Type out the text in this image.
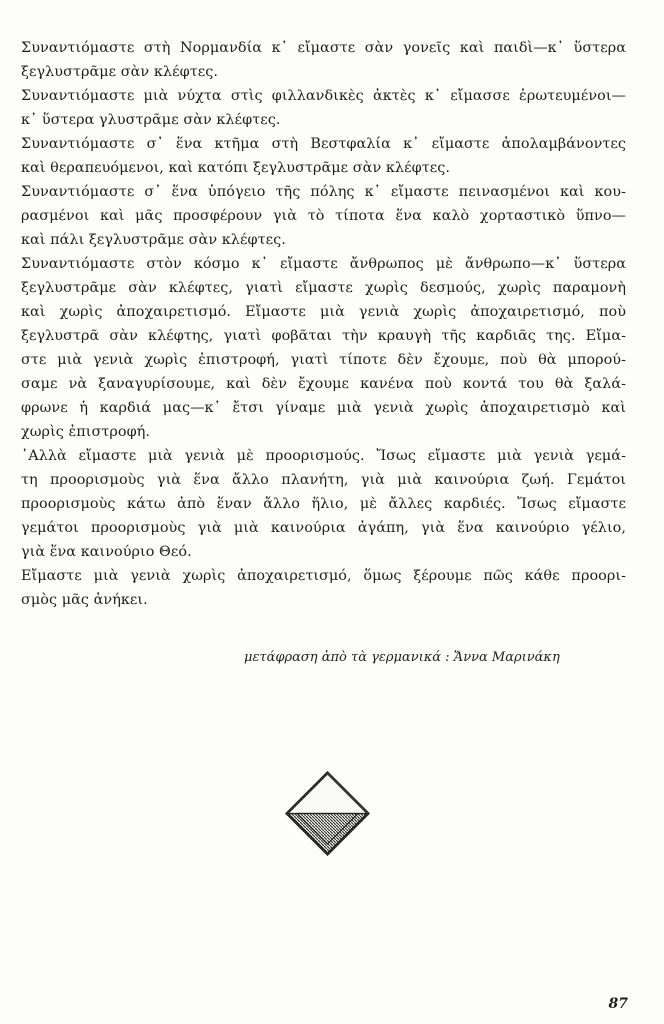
Συναντιόμαστε στὴ Νορμανδία κ᾽ εἴμαστε σὰν γονεῖς καὶ παιδὶ—κ᾽ ὕστερα
ξεγλυστρᾶμε σὰν κλέφτες.
Συναντιόμαστε μιὰ νύχτα στὶς φιλλανδικὲς ἀκτὲς κ᾽ εἴμασσε ἐρωτευμένοι—
κ᾽ ὕστερα γλυστρᾶμε σὰν κλέφτες.
Συναντιόμαστε σ᾽ ἕνα κτῆμα στὴ Βεστφαλία κ᾽ εἴμαστε ἀπολαμβάνοντες
καὶ θεραπευόμενοι, καὶ κατόπι ξεγλυστρᾶμε σὰν κλέφτες.
Συναντιόμαστε σ᾽ ἕνα ὑπόγειο τῆς πόλης κ᾽ εἴμαστε πεινασμένοι καὶ κου-
ρασμένοι καὶ μᾶς προσφέρουν γιὰ τὸ τίποτα ἕνα καλὸ χορταστικὸ ὕπνο—
καὶ πάλι ξεγλυστρᾶμε σὰν κλέφτες.
Συναντιόμαστε στὸν κόσμο κ᾽ εἴμαστε ἄνθρωπος μὲ ἄνθρωπο—κ᾽ ὕστερα
ξεγλυστρᾶμε σὰν κλέφτες, γιατὶ εἴμαστε χωρὶς δεσμούς, χωρὶς παραμονὴ
καὶ χωρὶς ἀποχαιρετισμό. Εἴμαστε μιὰ γενιὰ χωρὶς ἀποχαιρετισμό, ποὺ
ξεγλυστρᾶ σὰν κλέφτης, γιατὶ φοβᾶται τὴν κραυγὴ τῆς καρδιᾶς της. Εἴμα-
στε μιὰ γενιὰ χωρὶς ἐπιστροφή, γιατὶ τίποτε δὲν ἔχουμε, ποὺ θὰ μπορού-
σαμε νὰ ξαναγυρίσουμε, καὶ δὲν ἔχουμε κανένα ποὺ κοντά του θὰ ξαλά-
φρωνε ἡ καρδιά μας—κ᾽ ἔτσι γίναμε μιὰ γενιὰ χωρὶς ἀποχαιρετισμὸ καὶ
χωρὶς ἐπιστροφή.
᾽Αλλὰ εἴμαστε μιὰ γενιὰ μὲ προορισμούς. Ἴσως εἴμαστε μιὰ γενιὰ γεμά-
τη προορισμοὺς γιὰ ἕνα ἄλλο πλανήτη, γιὰ μιὰ καινούρια ζωή. Γεμάτοι
προορισμοὺς κάτω ἀπὸ ἕναν ἄλλο ἥλιο, μὲ ἄλλες καρδιές. Ἴσως εἴμαστε
γεμάτοι προορισμοὺς γιὰ μιὰ καινούρια ἀγάπη, γιὰ ἕνα καινούριο γέλιο,
γιὰ ἕνα καινούριο Θεό.
Εἴμαστε μιὰ γενιὰ χωρὶς ἀποχαιρετισμό, ὅμως ξέρουμε πῶς κάθε προορι-
σμὸς μᾶς ἀνήκει.
μετάφραση ἀπὸ τὰ γερμανικά : Ἄννα Μαρινάκη
87
